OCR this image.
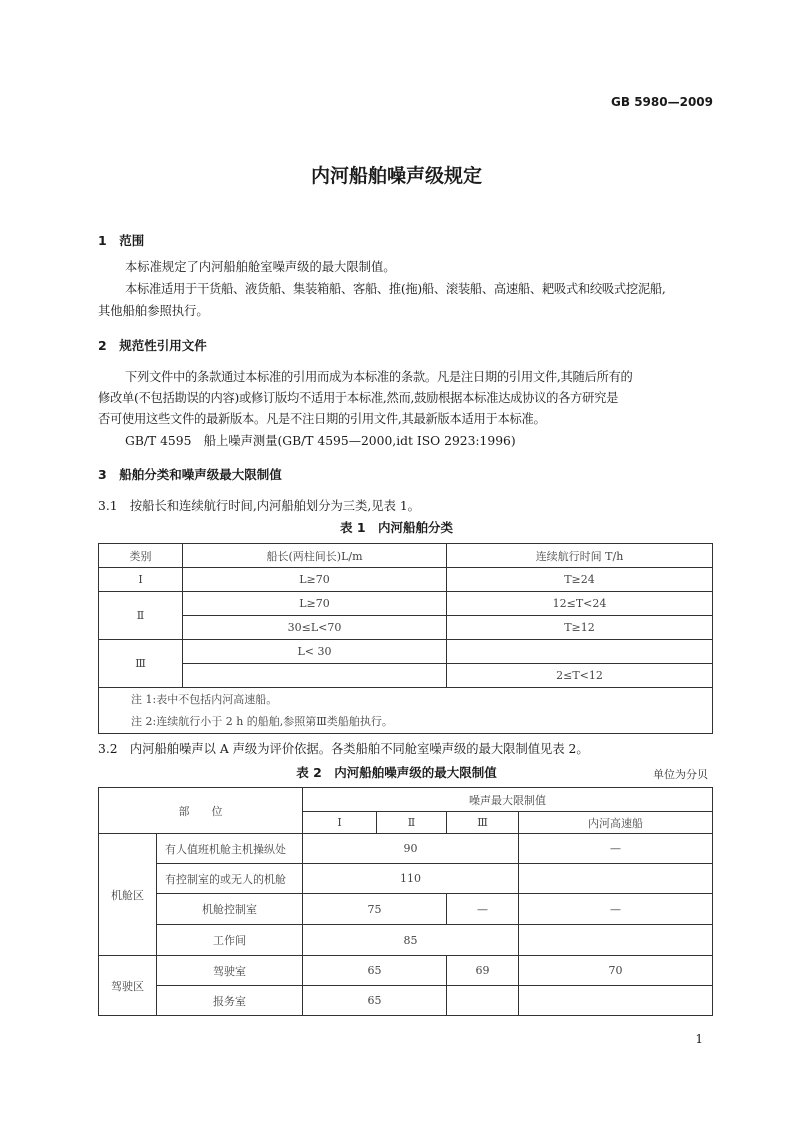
GB 5980—2009
内河船舶噪声级规定
1　范围
本标准规定了内河船舶舱室噪声级的最大限制值。
本标准适用于干货船、液货船、集装箱船、客船、推(拖)船、滚装船、高速船、耙吸式和绞吸式挖泥船,
其他船舶参照执行。
2　规范性引用文件
下列文件中的条款通过本标准的引用而成为本标准的条款。凡是注日期的引用文件,其随后所有的
修改单(不包括勘误的内容)或修订版均不适用于本标准,然而,鼓励根据本标准达成协议的各方研究是
否可使用这些文件的最新版本。凡是不注日期的引用文件,其最新版本适用于本标准。
GB/T 4595　船上噪声测量(GB/T 4595—2000,idt ISO 2923:1996)
3　船舶分类和噪声级最大限制值
3.1　按船长和连续航行时间,内河船舶划分为三类,见表 1。
表 1　内河船舶分类
类别	船长(两柱间长)L/m	连续航行时间 T/h
Ⅰ	L≥70	T≥24
Ⅱ	L≥70	12≤T<24
	30≤L<70	T≥12
Ⅲ	L< 30	
		2≤T<12

注 1:表中不包括内河高速船。
注 2:连续航行小于 2 h 的船舶,参照第Ⅲ类船舶执行。		
3.2　内河船舶噪声以 A 声级为评价依据。各类船舶不同舱室噪声级的最大限制值见表 2。
表 2　内河船舶噪声级的最大限制值	单位为分贝
部　　位		噪声最大限制值			
		Ⅰ	Ⅱ	Ⅲ	内河高速船
机舱区	有人值班机舱主机操纵处	90			—
	有控制室的或无人的机舱	110			
	机舱控制室	75		—	—
	工作间	85			
驾驶区	驾驶室	65		69	70
	报务室	65			
1
